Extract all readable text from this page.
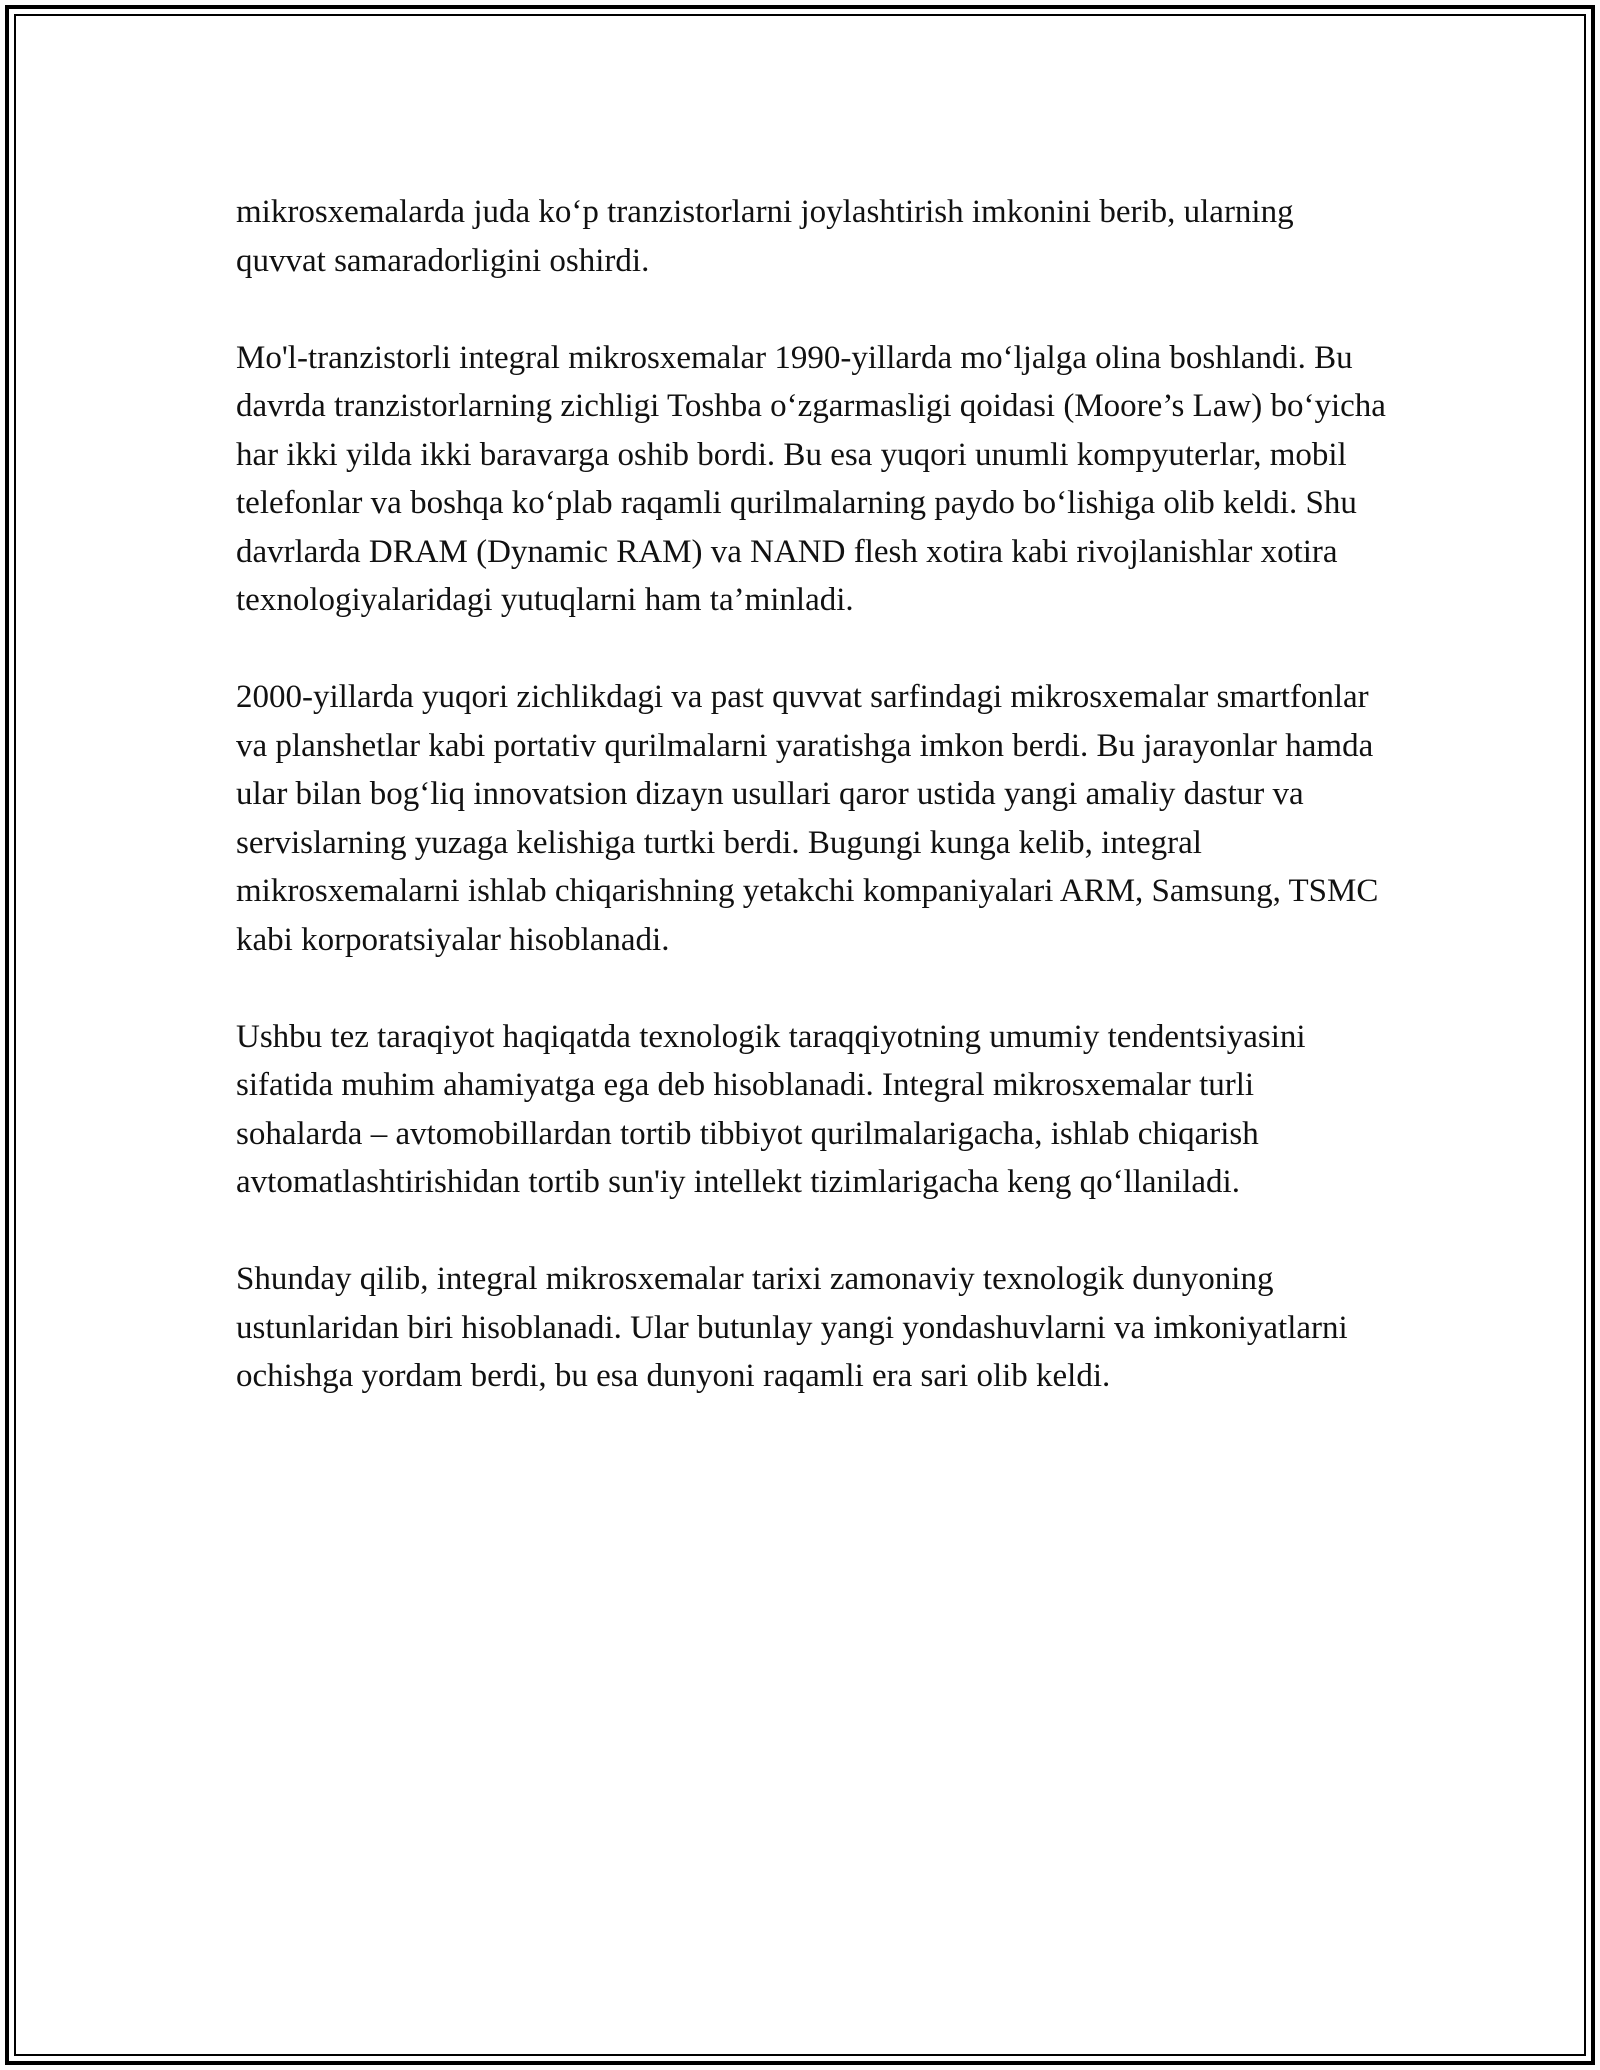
mikrosxemalarda juda ko‘p tranzistorlarni joylashtirish imkonini berib, ularning quvvat samaradorligini oshirdi.

Mo'l-tranzistorli integral mikrosxemalar 1990-yillarda mo‘ljalga olina boshlandi. Bu davrda tranzistorlarning zichligi Toshba o‘zgarmasligi qoidasi (Moore’s Law) bo‘yicha har ikki yilda ikki baravarga oshib bordi. Bu esa yuqori unumli kompyuterlar, mobil telefonlar va boshqa ko‘plab raqamli qurilmalarning paydo bo‘lishiga olib keldi. Shu davrlarda DRAM (Dynamic RAM) va NAND flesh xotira kabi rivojlanishlar xotira texnologiyalaridagi yutuqlarni ham ta’minladi.

2000-yillarda yuqori zichlikdagi va past quvvat sarfindagi mikrosxemalar smartfonlar va planshetlar kabi portativ qurilmalarni yaratishga imkon berdi. Bu jarayonlar hamda ular bilan bog‘liq innovatsion dizayn usullari qaror ustida yangi amaliy dastur va servislarning yuzaga kelishiga turtki berdi. Bugungi kunga kelib, integral mikrosxemalarni ishlab chiqarishning yetakchi kompaniyalari ARM, Samsung, TSMC kabi korporatsiyalar hisoblanadi.

Ushbu tez taraqiyot haqiqatda texnologik taraqqiyotning umumiy tendentsiyasini sifatida muhim ahamiyatga ega deb hisoblanadi. Integral mikrosxemalar turli sohalarda – avtomobillardan tortib tibbiyot qurilmalarigacha, ishlab chiqarish avtomatlashtirishidan tortib sun'iy intellekt tizimlarigacha keng qo‘llaniladi.

Shunday qilib, integral mikrosxemalar tarixi zamonaviy texnologik dunyoning ustunlaridan biri hisoblanadi. Ular butunlay yangi yondashuvlarni va imkoniyatlarni ochishga yordam berdi, bu esa dunyoni raqamli era sari olib keldi.
